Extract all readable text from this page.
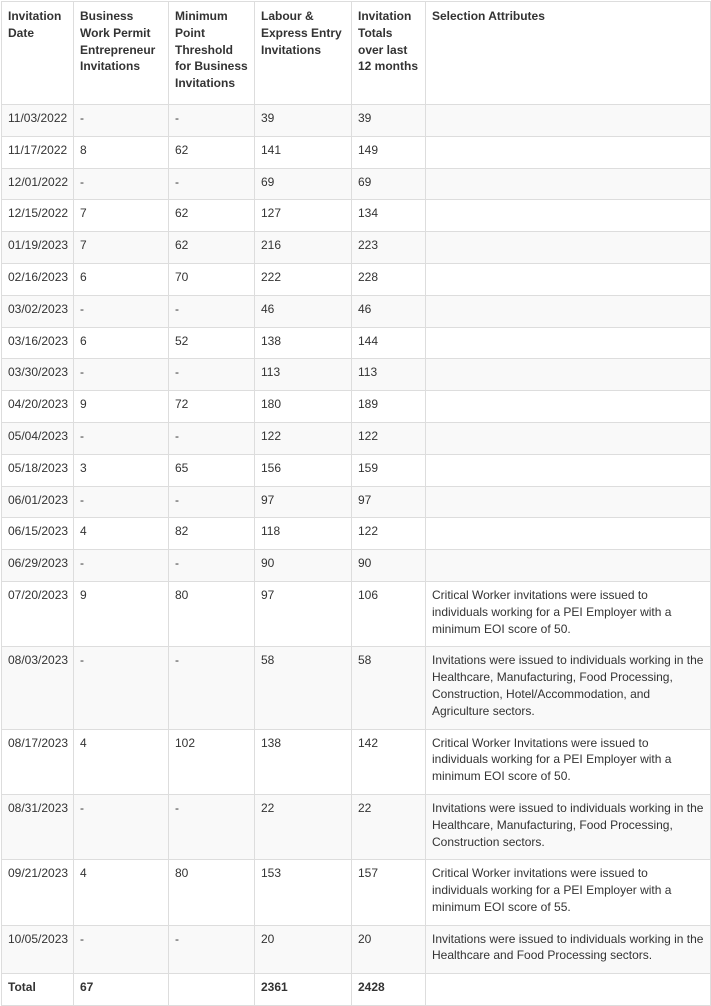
Invitation Date	Business Work Permit Entrepreneur Invitations	Minimum Point Threshold for Business Invitations	Labour & Express Entry Invitations	Invitation Totals over last 12 months	Selection Attributes
11/03/2022	-	-	39	39	
11/17/2022	8	62	141	149	
12/01/2022	-	-	69	69	
12/15/2022	7	62	127	134	
01/19/2023	7	62	216	223	
02/16/2023	6	70	222	228	
03/02/2023	-	-	46	46	
03/16/2023	6	52	138	144	
03/30/2023	-	-	113	113	
04/20/2023	9	72	180	189	
05/04/2023	-	-	122	122	
05/18/2023	3	65	156	159	
06/01/2023	-	-	97	97	
06/15/2023	4	82	118	122	
06/29/2023	-	-	90	90	
07/20/2023	9	80	97	106	Critical Worker invitations were issued to individuals working for a PEI Employer with a minimum EOI score of 50.
08/03/2023	-	-	58	58	Invitations were issued to individuals working in the Healthcare, Manufacturing, Food Processing, Construction, Hotel/Accommodation, and Agriculture sectors.
08/17/2023	4	102	138	142	Critical Worker Invitations were issued to individuals working for a PEI Employer with a minimum EOI score of 50.
08/31/2023	-	-	22	22	Invitations were issued to individuals working in the Healthcare, Manufacturing, Food Processing, Construction sectors.
09/21/2023	4	80	153	157	Critical Worker invitations were issued to individuals working for a PEI Employer with a minimum EOI score of 55.
10/05/2023	-	-	20	20	Invitations were issued to individuals working in the Healthcare and Food Processing sectors.
Total	67		2361	2428	
